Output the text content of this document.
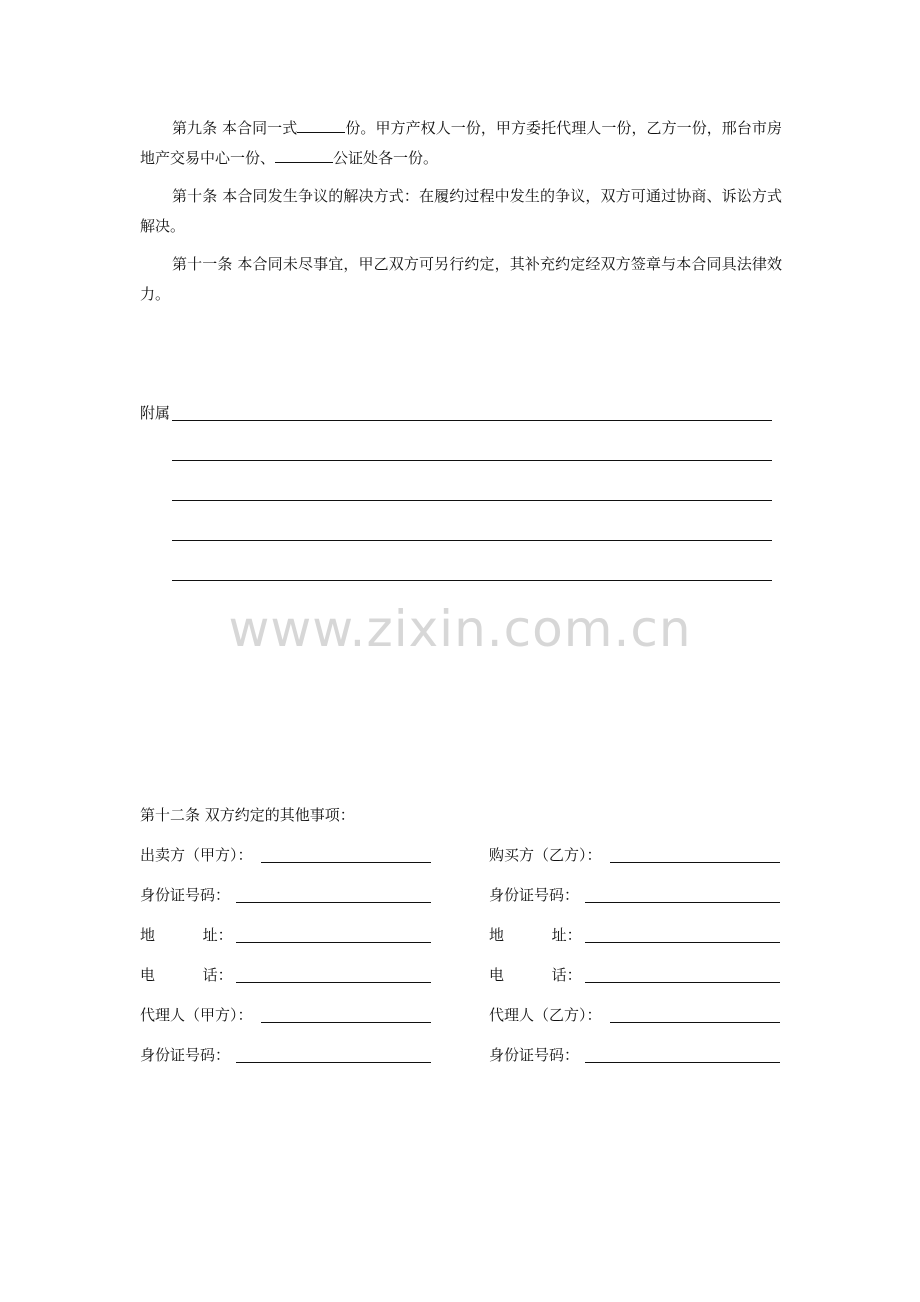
第九条 本合同一式	份。甲方产权人一份，甲方委托代理人一份，乙方一份，邢台市房地产交易中心一份、	公证处各一份。

第十条 本合同发生争议的解决方式：在履约过程中发生的争议，双方可通过协商、诉讼方式解决。

第十一条 本合同未尽事宜，甲乙双方可另行约定，其补充约定经双方签章与本合同具法律效力。

附属
www.zixin.com.cn
第十二条 双方约定的其他事项：
出卖方（甲方）：
身份证号码：
地          址：
电          话：
代理人（甲方）：
身份证号码：
购买方（乙方）：
身份证号码：
地          址：
电          话：
代理人（乙方）：
身份证号码：
